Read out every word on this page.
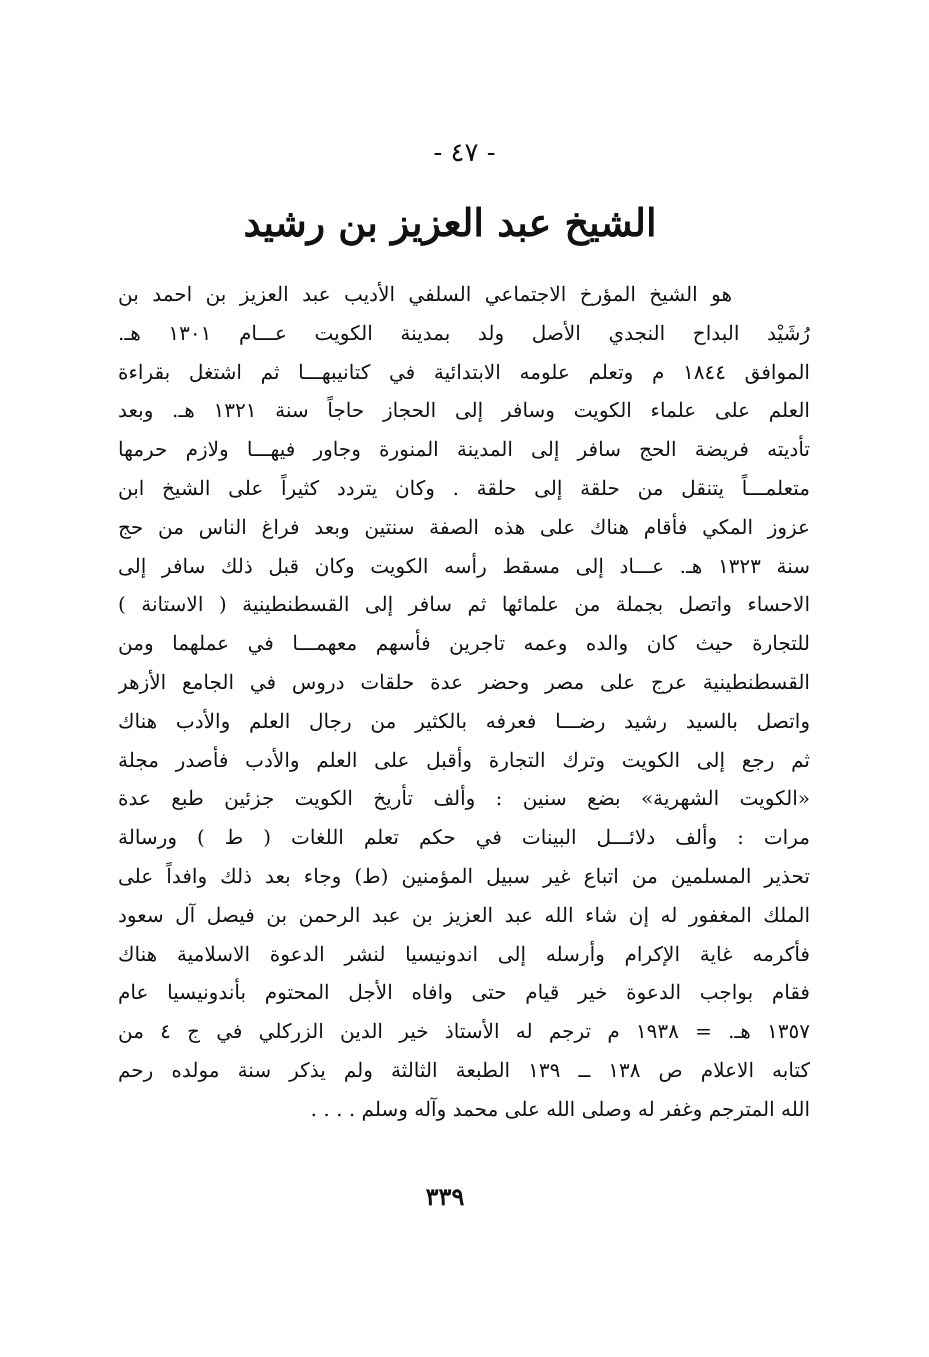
- ٤٧ -
الشيخ عبد العزيز بن رشيد
هو الشيخ المؤرخ الاجتماعي السلفي الأديب عبد العزيز بن احمد بن
رُشَيْد البداح النجدي الأصل ولد بمدينة الكويت عـــام ١٣٠١ هـ.
الموافق ١٨٤٤ م وتعلم علومه الابتدائية في كتانيبهـــا ثم اشتغل بقراءة
العلم على علماء الكويت وسافر إلى الحجاز حاجاً سنة ١٣٢١ هـ. وبعد
تأديته فريضة الحج سافر إلى المدينة المنورة وجاور فيهـــا ولازم حرمها
متعلمـــاً يتنقل من حلقة إلى حلقة . وكان يتردد كثيراً على الشيخ ابن
عزوز المكي فأقام هناك على هذه الصفة سنتين وبعد فراغ الناس من حج
سنة ١٣٢٣ هـ. عـــاد إلى مسقط رأسه الكويت وكان قبل ذلك سافر إلى
الاحساء واتصل بجملة من علمائها ثم سافر إلى القسطنطينية ( الاستانة )
للتجارة حيث كان والده وعمه تاجرين فأسهم معهمـــا في عملهما ومن
القسطنطينية عرج على مصر وحضر عدة حلقات دروس في الجامع الأزهر
واتصل بالسيد رشيد رضـــا فعرفه بالكثير من رجال العلم والأدب هناك
ثم رجع إلى الكويت وترك التجارة وأقبل على العلم والأدب فأصدر مجلة
«الكويت الشهرية» بضع سنين : وألف تأريخ الكويت جزئين طبع عدة
مرات : وألف دلائـــل البينات في حكم تعلم اللغات ( ط ) ورسالة
تحذير المسلمين من اتباع غير سبيل المؤمنين (ط) وجاء بعد ذلك وافداً على
الملك المغفور له إن شاء الله عبد العزيز بن عبد الرحمن بن فيصل آل سعود
فأكرمه غاية الإكرام وأرسله إلى اندونيسيا لنشر الدعوة الاسلامية هناك
فقام بواجب الدعوة خير قيام حتى وافاه الأجل المحتوم بأندونيسيا عام
١٣٥٧ هـ. = ١٩٣٨ م ترجم له الأستاذ خير الدين الزركلي في ج ٤ من
كتابه الاعلام ص ١٣٨ ــ ١٣٩ الطبعة الثالثة ولم يذكر سنة مولده رحم
الله المترجم وغفر له وصلى الله على محمد وآله وسلم . . . .
٣٣٩
